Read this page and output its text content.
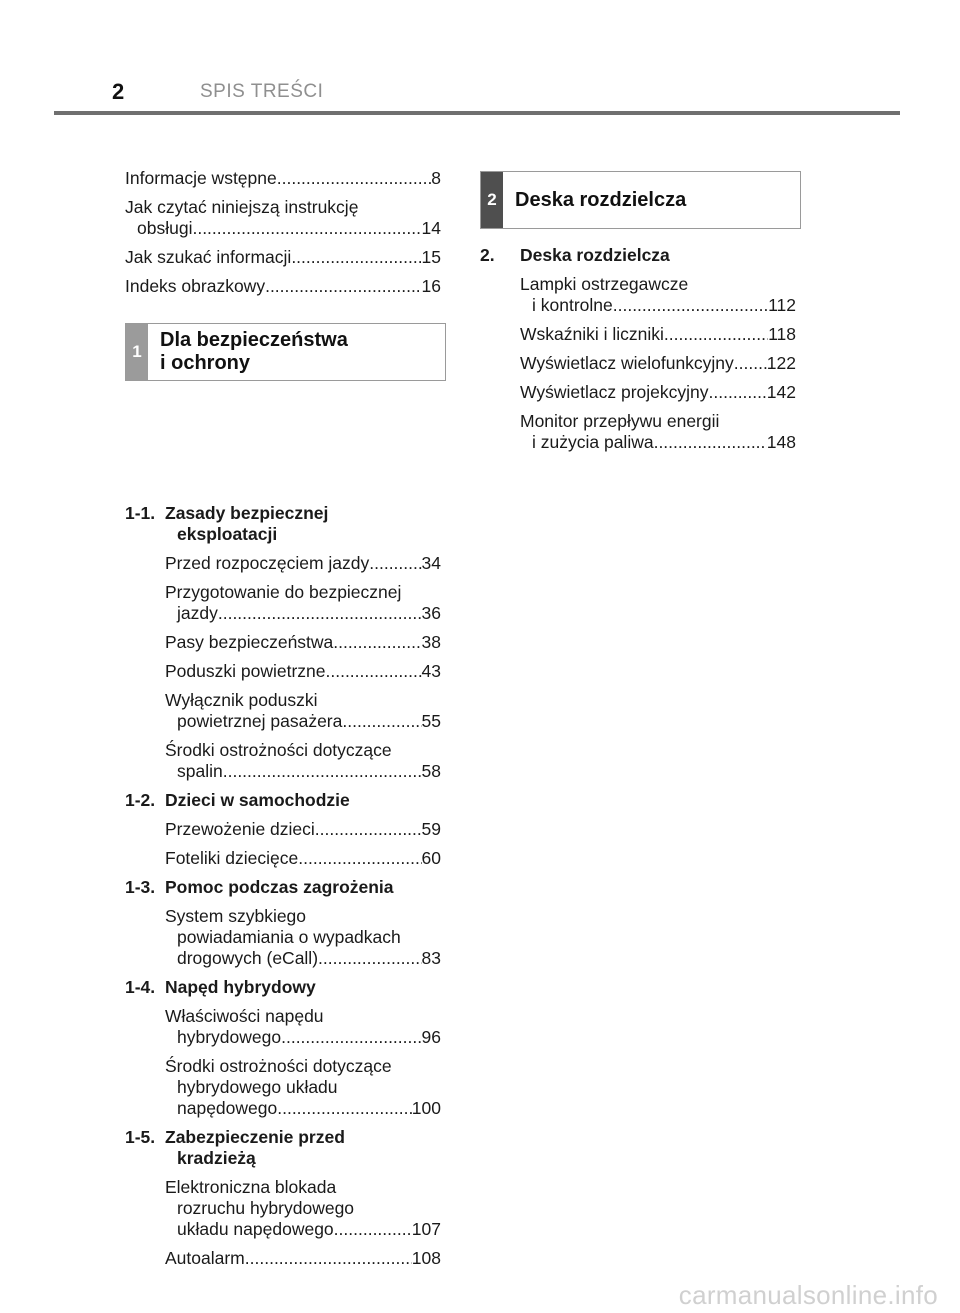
2	SPIS TREŚCI
1
Dla bezpieczeństwa
i ochrony
2 Deska rozdzielcza
Informacje wstępne .....	8
Jak czytać niniejszą instrukcję
obsługi .....	14
Jak szukać informacji .....	15
Indeks obrazkowy .....	16
1-1. Zasady bezpiecznej
eksploatacji
Przed rozpoczęciem jazdy .....	34
Przygotowanie do bezpiecznej
jazdy .....	36
Pasy bezpieczeństwa .....	38
Poduszki powietrzne .....	43
Wyłącznik poduszki
powietrznej pasażera .....	55
Środki ostrożności dotyczące
spalin .....	58
1-2. Dzieci w samochodzie
Przewożenie dzieci .....	59
Foteliki dziecięce .....	60
1-3. Pomoc podczas zagrożenia
System szybkiego
powiadamiania o wypadkach
drogowych (eCall) .....	83
1-4. Napęd hybrydowy
Właściwości napędu
hybrydowego .....	96
Środki ostrożności dotyczące
hybrydowego układu
napędowego .....	100
1-5. Zabezpieczenie przed
kradzieżą
Elektroniczna blokada
rozruchu hybrydowego
układu napędowego .....	107
Autoalarm .....	108
2.	Deska rozdzielcza
Lampki ostrzegawcze
i kontrolne .....	112
Wskaźniki i liczniki .....	118
Wyświetlacz wielofunkcyjny ..... 122
Wyświetlacz projekcyjny .....	142
Monitor przepływu energii
i zużycia paliwa .....	148
carmanualsonline.info
